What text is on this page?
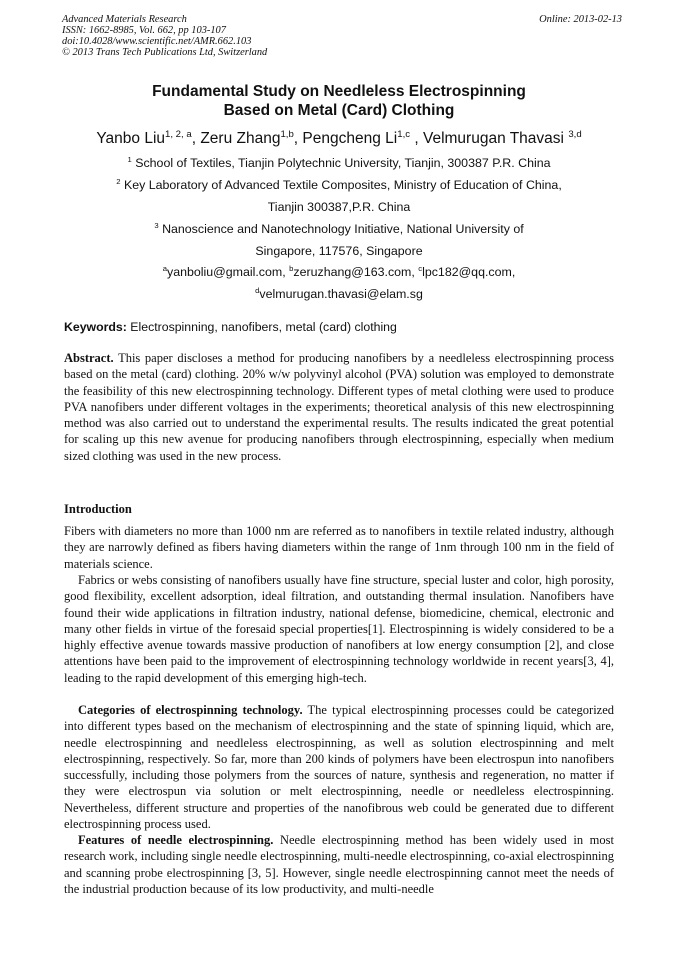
Advanced Materials Research
ISSN: 1662-8985, Vol. 662, pp 103-107
doi:10.4028/www.scientific.net/AMR.662.103
© 2013 Trans Tech Publications Ltd, Switzerland
Online: 2013-02-13
Fundamental Study on Needleless Electrospinning
Based on Metal (Card) Clothing
Yanbo Liu$^{1, 2, a}$, Zeru Zhang$^{1,b}$, Pengcheng Li$^{1,c}$ , Velmurugan Thavasi $^{3,d}$
$^1$ School of Textiles, Tianjin Polytechnic University, Tianjin, 300387 P.R. China
$^2$ Key Laboratory of Advanced Textile Composites, Ministry of Education of China,
Tianjin 300387,P.R. China
$^3$ Nanoscience and Nanotechnology Initiative, National University of
Singapore, 117576, Singapore
$^a$yanboliu@gmail.com, $^b$zeruzhang@163.com, $^c$lpc182@qq.com,
$^d$velmurugan.thavasi@elam.sg
Keywords: Electrospinning, nanofibers, metal (card) clothing
Abstract. This paper discloses a method for producing nanofibers by a needleless electrospinning process based on the metal (card) clothing. 20% w/w polyvinyl alcohol (PVA) solution was employed to demonstrate the feasibility of this new electrospinning technology. Different types of metal clothing were used to produce PVA nanofibers under different voltages in the experiments; theoretical analysis of this new electrospinning method was also carried out to understand the experimental results. The results indicated the great potential for scaling up this new avenue for producing nanofibers through electrospinning, especially when medium sized clothing was used in the new process.
Introduction
Fibers with diameters no more than 1000 nm are referred as to nanofibers in textile related industry, although they are narrowly defined as fibers having diameters within the range of 1nm through 100 nm in the field of materials science.
Fabrics or webs consisting of nanofibers usually have fine structure, special luster and color, high porosity, good flexibility, excellent adsorption, ideal filtration, and outstanding thermal insulation. Nanofibers have found their wide applications in filtration industry, national defense, biomedicine, chemical, electronic and many other fields in virtue of the foresaid special properties[1]. Electrospinning is widely considered to be a highly effective avenue towards massive production of nanofibers at low energy consumption [2], and close attentions have been paid to the improvement of electrospinning technology worldwide in recent years[3, 4], leading to the rapid development of this emerging high-tech.
Categories of electrospinning technology. The typical electrospinning processes could be categorized into different types based on the mechanism of electrospinning and the state of spinning liquid, which are, needle electrospinning and needleless electrospinning, as well as solution electrospinning and melt electrospinning, respectively. So far, more than 200 kinds of polymers have been electrospun into nanofibers successfully, including those polymers from the sources of nature, synthesis and regeneration, no matter if they were electrospun via solution or melt electrospinning, needle or needleless electrospinning. Nevertheless, different structure and properties of the nanofibrous web could be generated due to different electrospinning process used.
Features of needle electrospinning. Needle electrospinning method has been widely used in most research work, including single needle electrospinning, multi-needle electrospinning, co-axial electrospinning and scanning probe electrospinning [3, 5]. However, single needle electrospinning cannot meet the needs of the industrial production because of its low productivity, and multi-needle
